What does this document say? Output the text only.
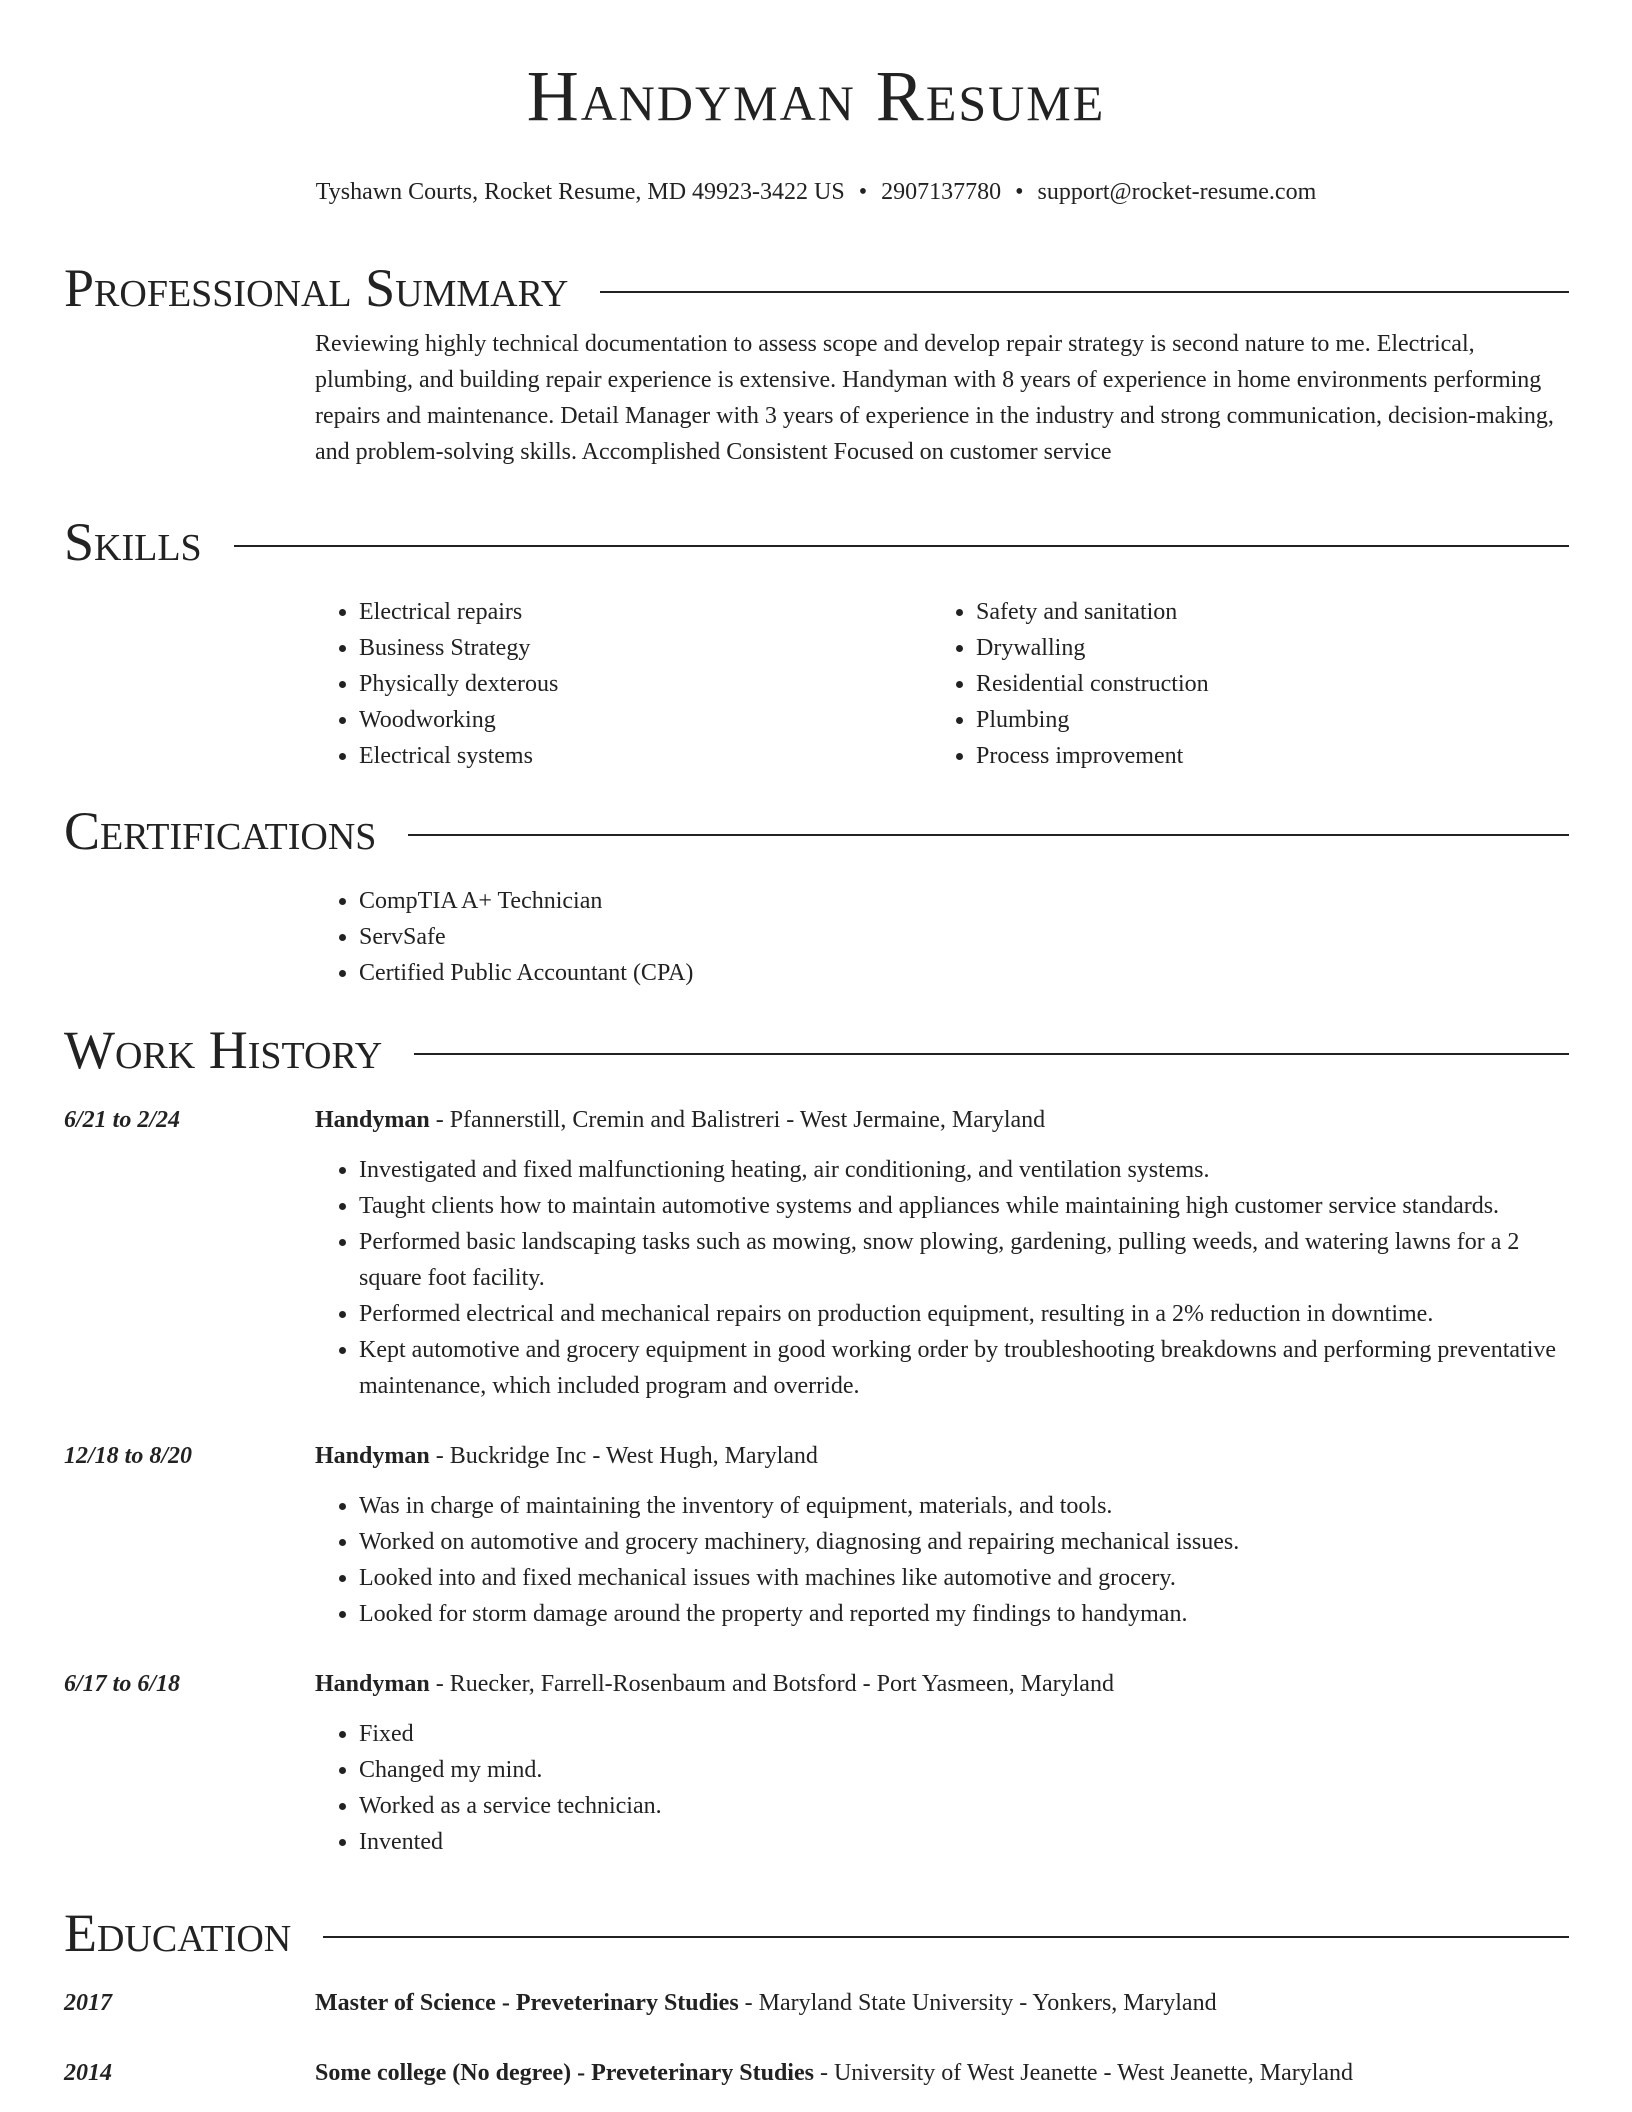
Handyman Resume
Tyshawn Courts, Rocket Resume, MD 49923-3422 US • 2907137780 • support@rocket-resume.com
Professional Summary

Reviewing highly technical documentation to assess scope and develop repair strategy is second nature to me. Electrical, plumbing, and building repair experience is extensive. Handyman with 8 years of experience in home environments performing repairs and maintenance. Detail Manager with 3 years of experience in the industry and strong communication, decision-making, and problem-solving skills. Accomplished Consistent Focused on customer service

Skills
• Electrical repairs
• Business Strategy
• Physically dexterous
• Woodworking
• Electrical systems
• Safety and sanitation
• Drywalling
• Residential construction
• Plumbing
• Process improvement
Certifications
• CompTIA A+ Technician
• ServSafe
• Certified Public Accountant (CPA)
Work History
6/21 to 2/24	Handyman - Pfannerstill, Cremin and Balistreri - West Jermaine, Maryland
• Investigated and fixed malfunctioning heating, air conditioning, and ventilation systems.
• Taught clients how to maintain automotive systems and appliances while maintaining high customer service standards.
• Performed basic landscaping tasks such as mowing, snow plowing, gardening, pulling weeds, and watering lawns for a 2 square foot facility.
• Performed electrical and mechanical repairs on production equipment, resulting in a 2% reduction in downtime.
• Kept automotive and grocery equipment in good working order by troubleshooting breakdowns and performing preventative maintenance, which included program and override.
12/18 to 8/20	Handyman - Buckridge Inc - West Hugh, Maryland
• Was in charge of maintaining the inventory of equipment, materials, and tools.
• Worked on automotive and grocery machinery, diagnosing and repairing mechanical issues.
• Looked into and fixed mechanical issues with machines like automotive and grocery.
• Looked for storm damage around the property and reported my findings to handyman.
6/17 to 6/18	Handyman - Ruecker, Farrell-Rosenbaum and Botsford - Port Yasmeen, Maryland
• Fixed
• Changed my mind.
• Worked as a service technician.
• Invented
Education
2017	Master of Science - Preveterinary Studies - Maryland State University - Yonkers, Maryland
2014	Some college (No degree) - Preveterinary Studies - University of West Jeanette - West Jeanette, Maryland
